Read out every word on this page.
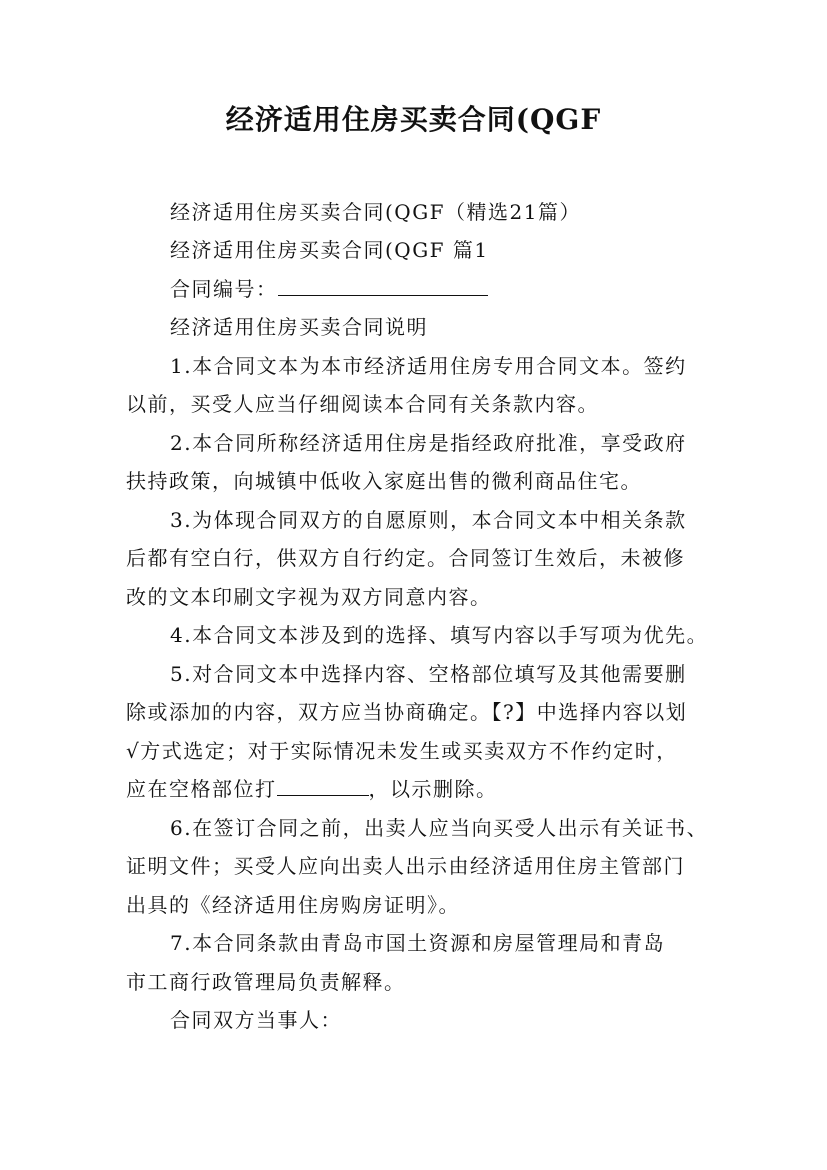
经济适用住房买卖合同(QGF
经济适用住房买卖合同(QGF（精选21篇）
经济适用住房买卖合同(QGF 篇1
合同编号：
经济适用住房买卖合同说明
1.本合同文本为本市经济适用住房专用合同文本。签约
以前，买受人应当仔细阅读本合同有关条款内容。
2.本合同所称经济适用住房是指经政府批准，享受政府
扶持政策，向城镇中低收入家庭出售的微利商品住宅。
3.为体现合同双方的自愿原则，本合同文本中相关条款
后都有空白行，供双方自行约定。合同签订生效后，未被修
改的文本印刷文字视为双方同意内容。
4.本合同文本涉及到的选择、填写内容以手写项为优先。
5.对合同文本中选择内容、空格部位填写及其他需要删
除或添加的内容，双方应当协商确定。【?】中选择内容以划
√方式选定；对于实际情况未发生或买卖双方不作约定时，
应在空格部位打	，以示删除。
6.在签订合同之前，出卖人应当向买受人出示有关证书、
证明文件；买受人应向出卖人出示由经济适用住房主管部门
出具的《经济适用住房购房证明》。
7.本合同条款由青岛市国土资源和房屋管理局和青岛
市工商行政管理局负责解释。
合同双方当事人：
